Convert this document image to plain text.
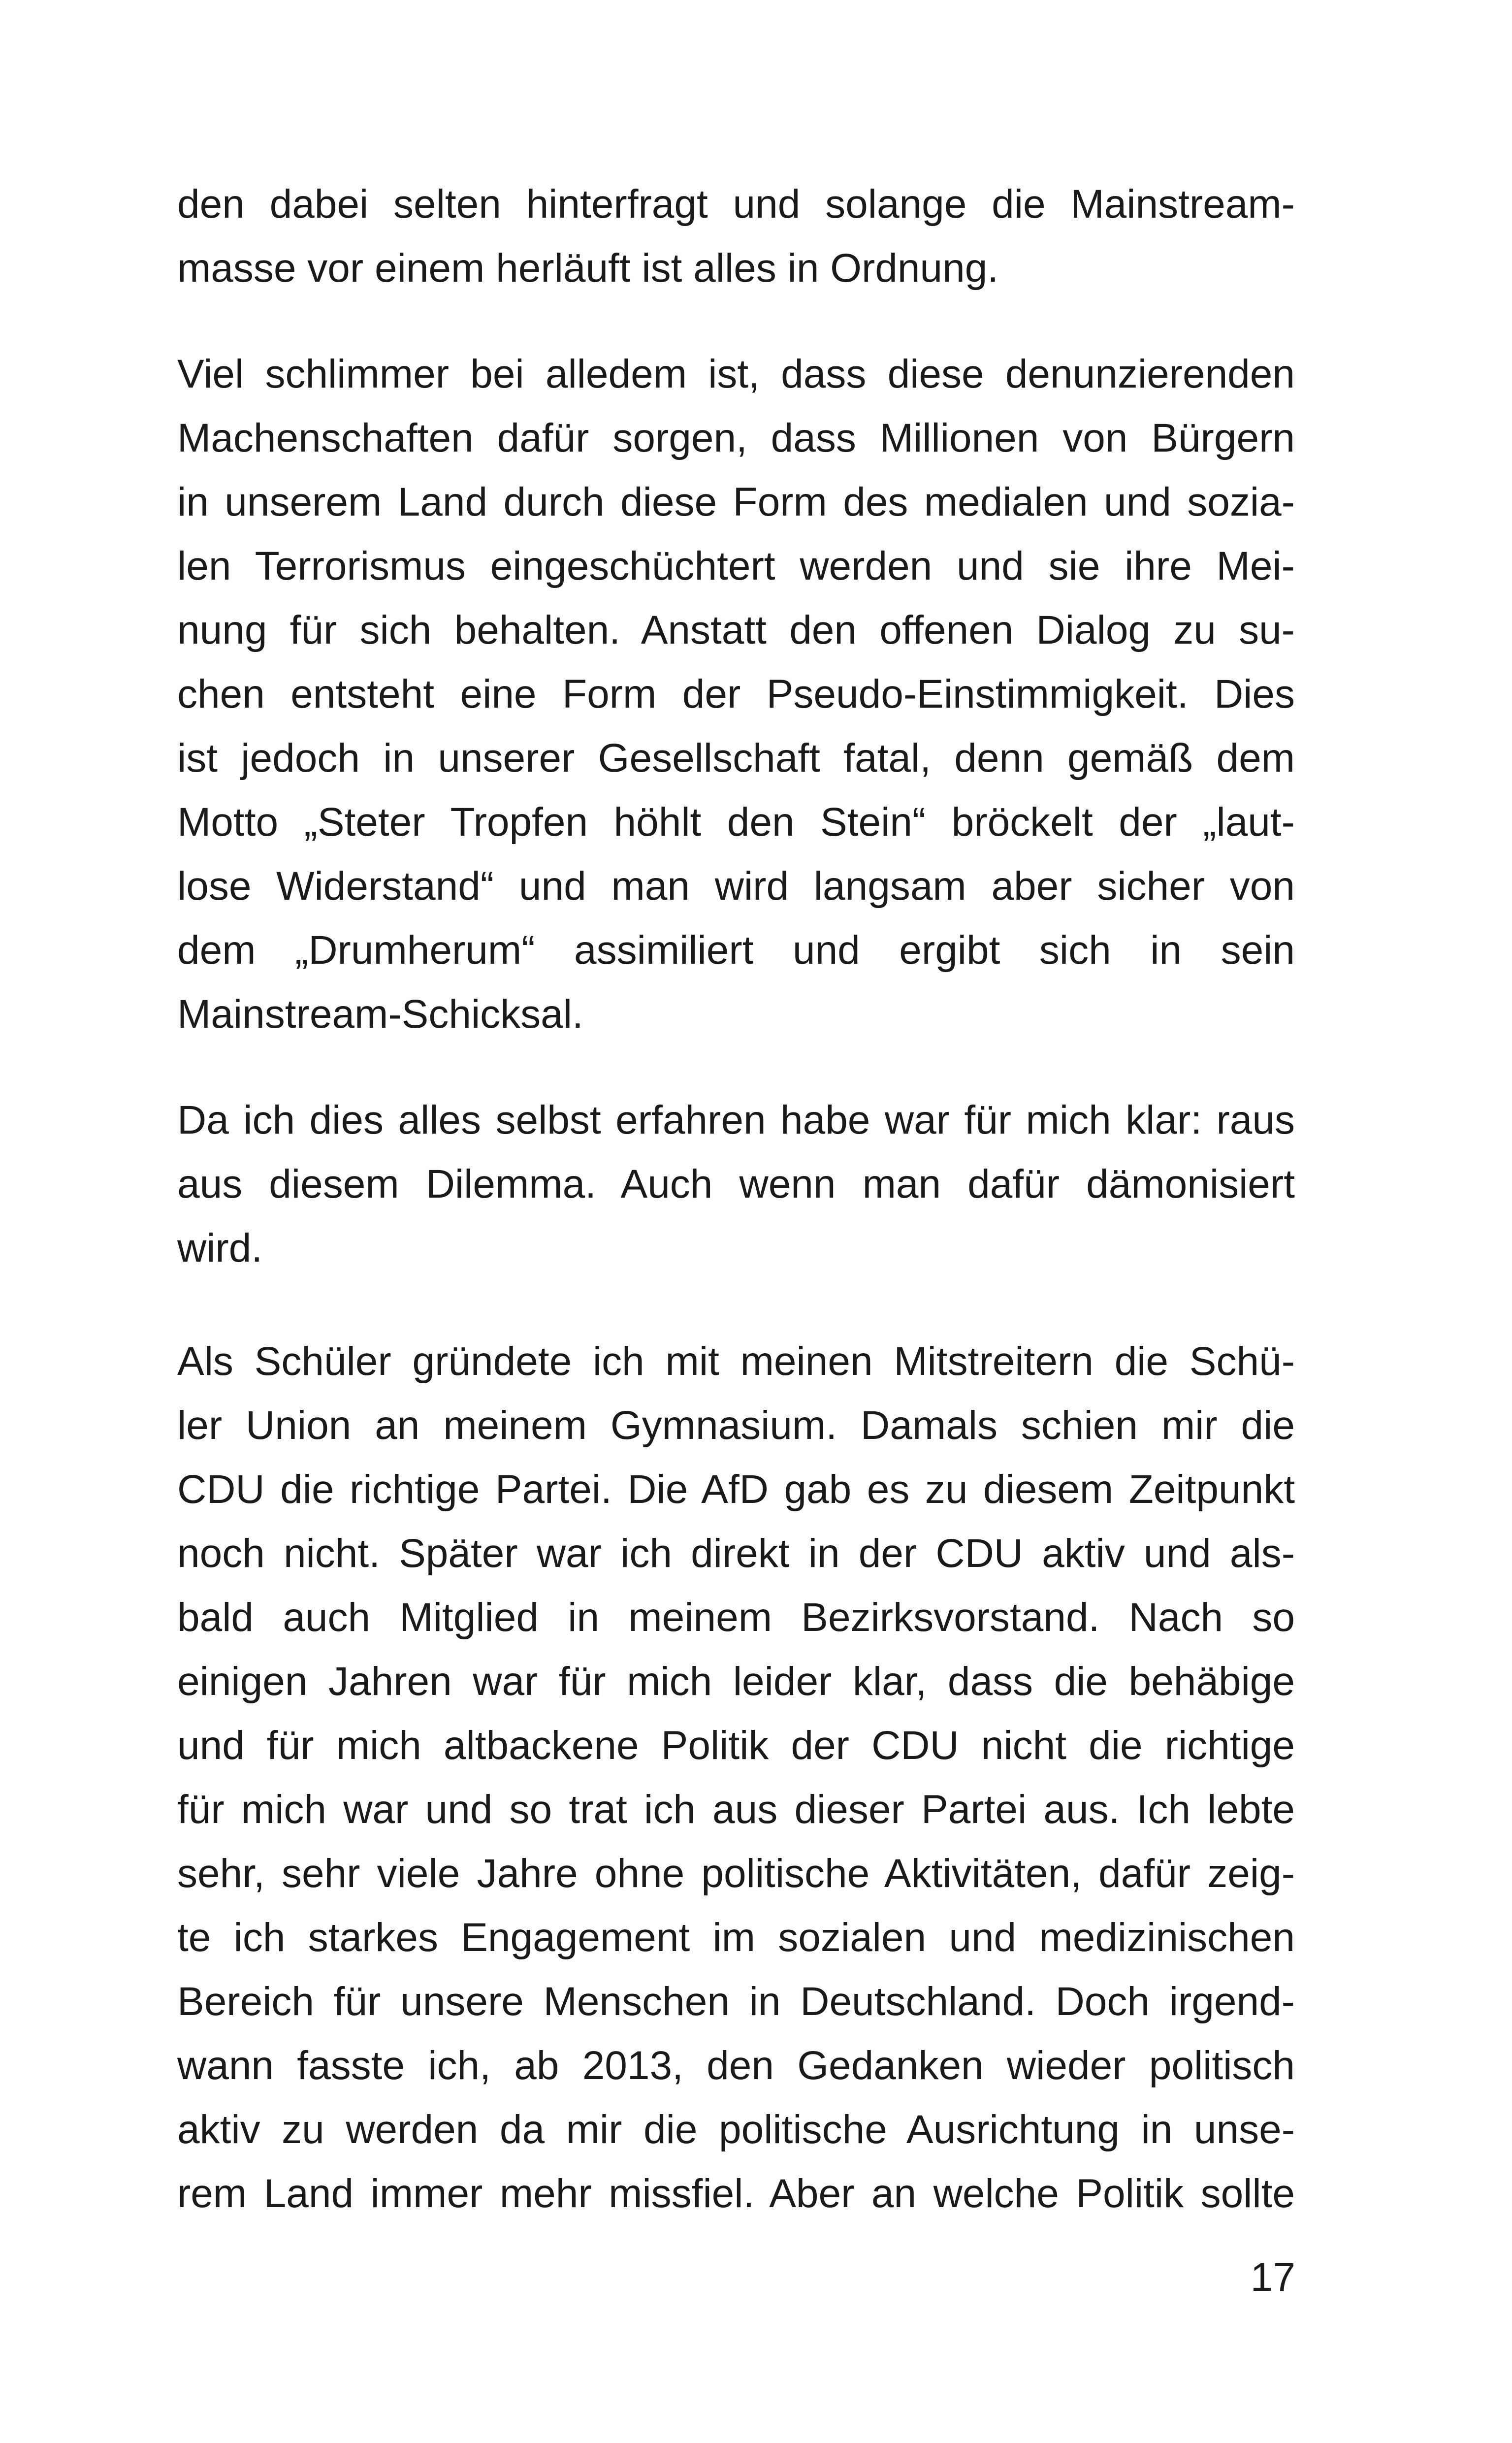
den dabei selten hinterfragt und solange die Mainstream-
masse vor einem herläuft ist alles in Ordnung.
Viel schlimmer bei alledem ist, dass diese denunzierenden
Machenschaften dafür sorgen, dass Millionen von Bürgern
in unserem Land durch diese Form des medialen und sozia-
len Terrorismus eingeschüchtert werden und sie ihre Mei-
nung für sich behalten. Anstatt den offenen Dialog zu su-
chen entsteht eine Form der Pseudo-Einstimmigkeit. Dies
ist jedoch in unserer Gesellschaft fatal, denn gemäß dem
Motto „Steter Tropfen höhlt den Stein“ bröckelt der „laut-
lose Widerstand“ und man wird langsam aber sicher von
dem „Drumherum“ assimiliert und ergibt sich in sein
Mainstream-Schicksal.
Da ich dies alles selbst erfahren habe war für mich klar: raus
aus diesem Dilemma. Auch wenn man dafür dämonisiert
wird.
Als Schüler gründete ich mit meinen Mitstreitern die Schü-
ler Union an meinem Gymnasium. Damals schien mir die
CDU die richtige Partei. Die AfD gab es zu diesem Zeitpunkt
noch nicht. Später war ich direkt in der CDU aktiv und als-
bald auch Mitglied in meinem Bezirksvorstand. Nach so
einigen Jahren war für mich leider klar, dass die behäbige
und für mich altbackene Politik der CDU nicht die richtige
für mich war und so trat ich aus dieser Partei aus. Ich lebte
sehr, sehr viele Jahre ohne politische Aktivitäten, dafür zeig-
te ich starkes Engagement im sozialen und medizinischen
Bereich für unsere Menschen in Deutschland. Doch irgend-
wann fasste ich, ab 2013, den Gedanken wieder politisch
aktiv zu werden da mir die politische Ausrichtung in unse-
rem Land immer mehr missfiel. Aber an welche Politik sollte
17
